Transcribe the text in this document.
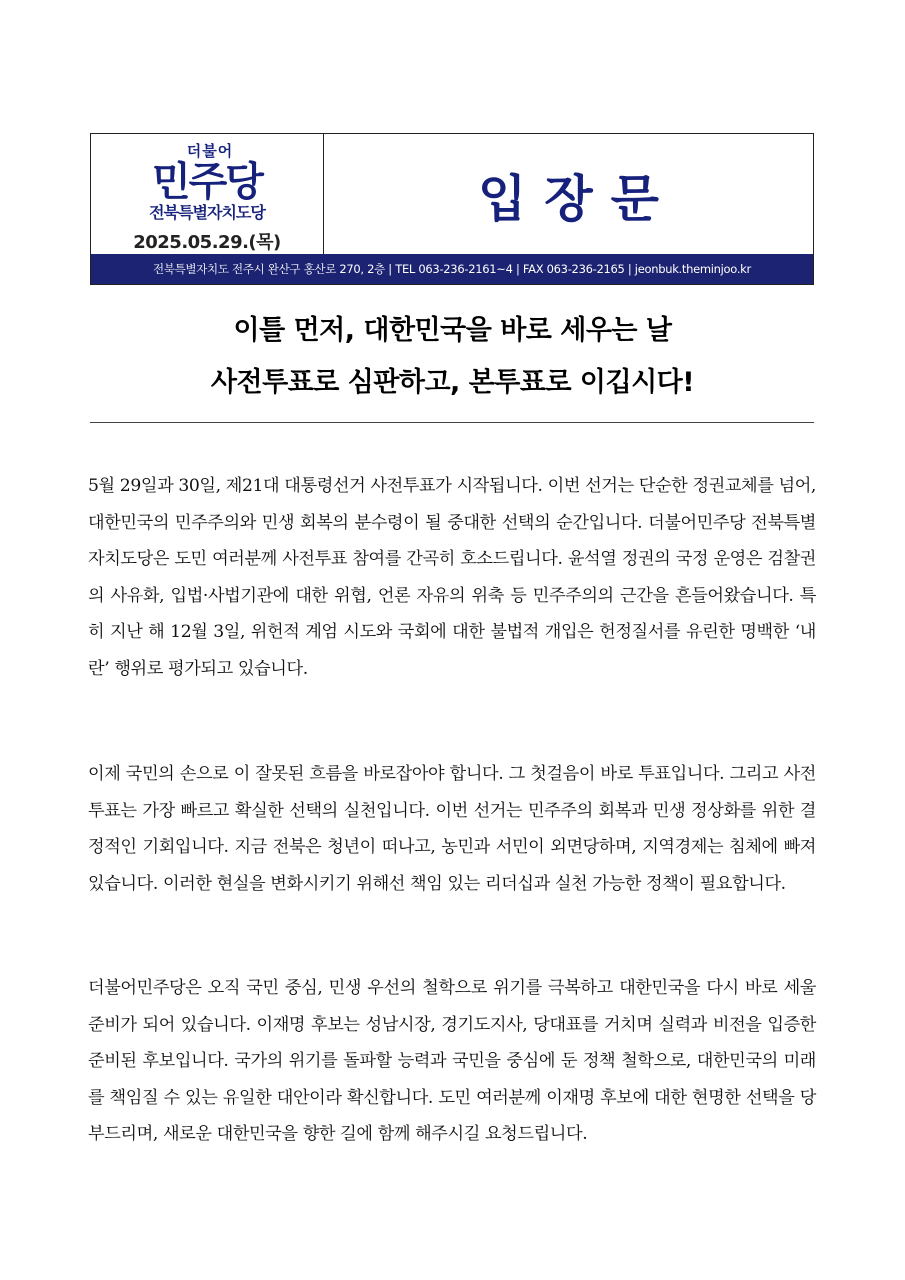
더불어
민주당
전북특별자치도당
2025.05.29.(목)
입장문
전북특별자치도 전주시 완산구 홍산로 270, 2층 | TEL 063-236-2161~4 | FAX 063-236-2165 | jeonbuk.theminjoo.kr
이틀 먼저, 대한민국을 바로 세우는 날
사전투표로 심판하고, 본투표로 이깁시다!

5월 29일과 30일, 제21대 대통령선거 사전투표가 시작됩니다. 이번 선거는 단순한 정권교체를 넘어, 대한민국의 민주주의와 민생 회복의 분수령이 될 중대한 선택의 순간입니다. 더불어민주당 전북특별자치도당은 도민 여러분께 사전투표 참여를 간곡히 호소드립니다. 윤석열 정권의 국정 운영은 검찰권의 사유화, 입법·사법기관에 대한 위협, 언론 자유의 위축 등 민주주의의 근간을 흔들어왔습니다. 특히 지난 해 12월 3일, 위헌적 계엄 시도와 국회에 대한 불법적 개입은 헌정질서를 유린한 명백한 ‘내란’ 행위로 평가되고 있습니다.

이제 국민의 손으로 이 잘못된 흐름을 바로잡아야 합니다. 그 첫걸음이 바로 투표입니다. 그리고 사전투표는 가장 빠르고 확실한 선택의 실천입니다. 이번 선거는 민주주의 회복과 민생 정상화를 위한 결정적인 기회입니다. 지금 전북은 청년이 떠나고, 농민과 서민이 외면당하며, 지역경제는 침체에 빠져 있습니다. 이러한 현실을 변화시키기 위해선 책임 있는 리더십과 실천 가능한 정책이 필요합니다.

더불어민주당은 오직 국민 중심, 민생 우선의 철학으로 위기를 극복하고 대한민국을 다시 바로 세울 준비가 되어 있습니다. 이재명 후보는 성남시장, 경기도지사, 당대표를 거치며 실력과 비전을 입증한 준비된 후보입니다. 국가의 위기를 돌파할 능력과 국민을 중심에 둔 정책 철학으로, 대한민국의 미래를 책임질 수 있는 유일한 대안이라 확신합니다. 도민 여러분께 이재명 후보에 대한 현명한 선택을 당부드리며, 새로운 대한민국을 향한 길에 함께 해주시길 요청드립니다.
